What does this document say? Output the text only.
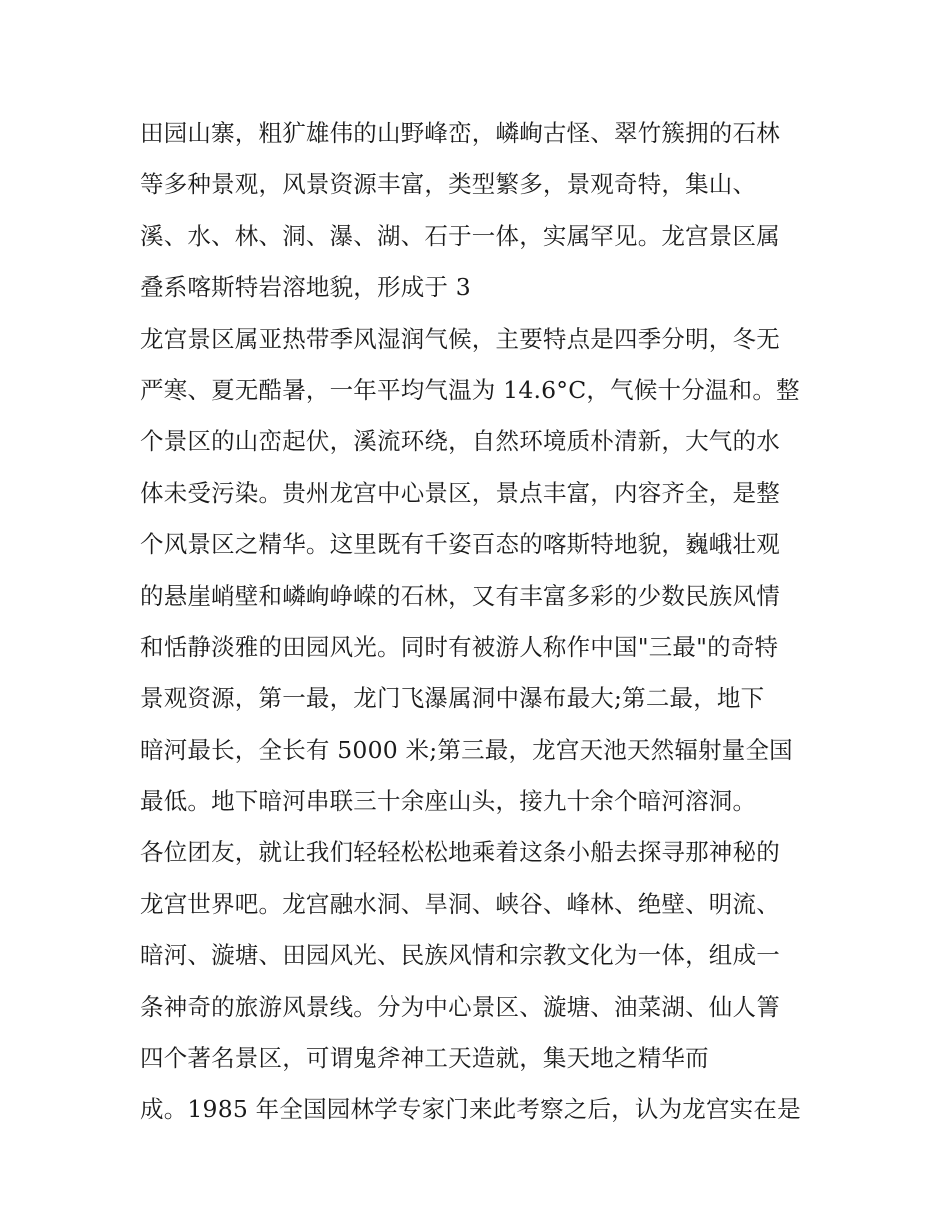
田园山寨，粗犷雄伟的山野峰峦，嶙峋古怪、翠竹簇拥的石林
等多种景观，风景资源丰富，类型繁多，景观奇特，集山、
溪、水、林、洞、瀑、湖、石于一体，实属罕见。龙宫景区属
叠系喀斯特岩溶地貌，形成于 3
龙宫景区属亚热带季风湿润气候，主要特点是四季分明，冬无
严寒、夏无酷暑，一年平均气温为 14.6°C，气候十分温和。整
个景区的山峦起伏，溪流环绕，自然环境质朴清新，大气的水
体未受污染。贵州龙宫中心景区，景点丰富，内容齐全，是整
个风景区之精华。这里既有千姿百态的喀斯特地貌，巍峨壮观
的悬崖峭壁和嶙峋峥嵘的石林，又有丰富多彩的少数民族风情
和恬静淡雅的田园风光。同时有被游人称作中国"三最"的奇特
景观资源，第一最，龙门飞瀑属洞中瀑布最大;第二最，地下
暗河最长，全长有 5000 米;第三最，龙宫天池天然辐射量全国
最低。地下暗河串联三十余座山头，接九十余个暗河溶洞。
各位团友，就让我们轻轻松松地乘着这条小船去探寻那神秘的
龙宫世界吧。龙宫融水洞、旱洞、峡谷、峰林、绝壁、明流、
暗河、漩塘、田园风光、民族风情和宗教文化为一体，组成一
条神奇的旅游风景线。分为中心景区、漩塘、油菜湖、仙人箐
四个著名景区，可谓鬼斧神工天造就，集天地之精华而
成。1985 年全国园林学专家门来此考察之后，认为龙宫实在是
